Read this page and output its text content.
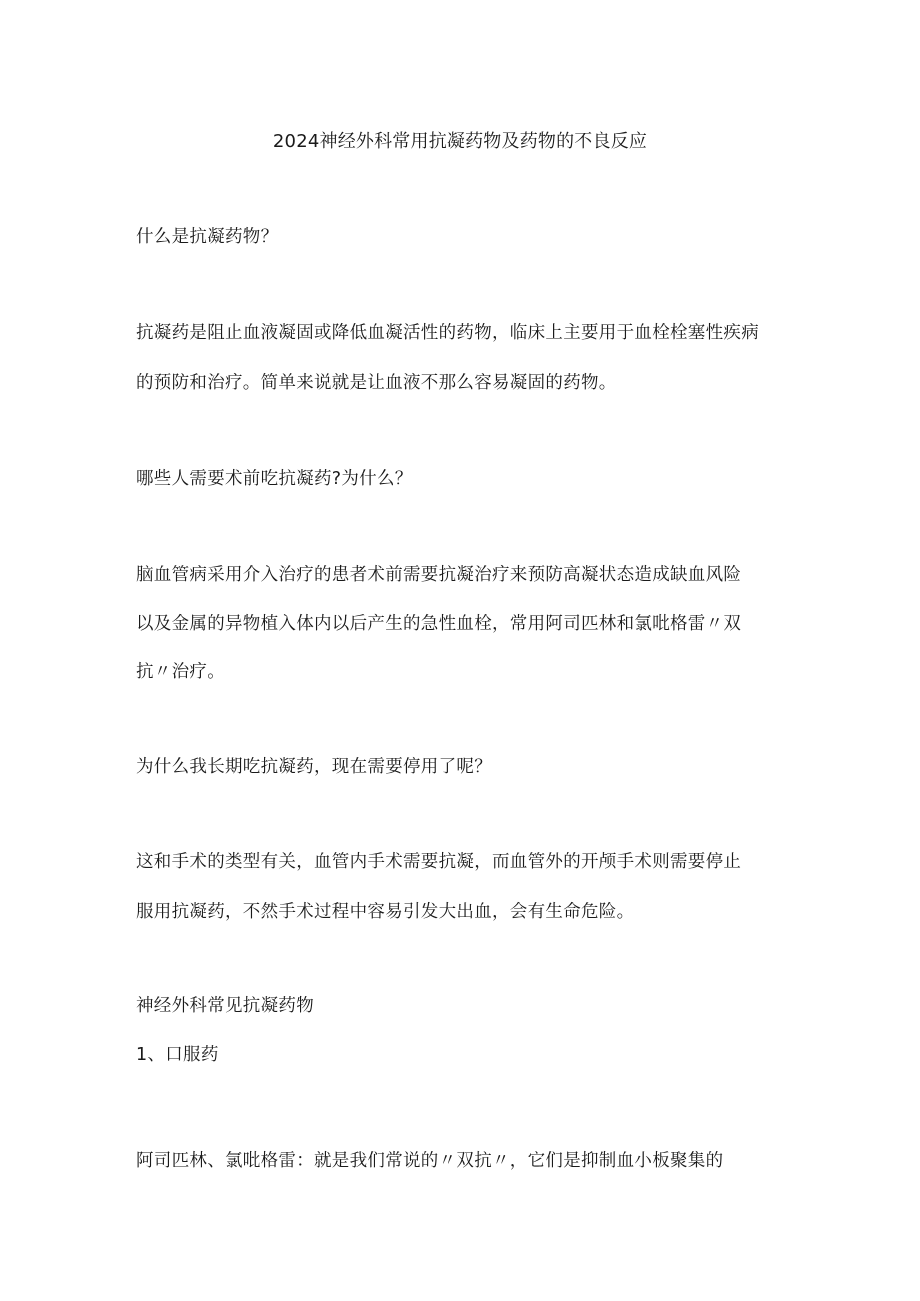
2024神经外科常用抗凝药物及药物的不良反应
什么是抗凝药物？
抗凝药是阻止血液凝固或降低血凝活性的药物，临床上主要用于血栓栓塞性疾病
的预防和治疗。简单来说就是让血液不那么容易凝固的药物。
哪些人需要术前吃抗凝药?为什么？
脑血管病采用介入治疗的患者术前需要抗凝治疗来预防高凝状态造成缺血风险
以及金属的异物植入体内以后产生的急性血栓，常用阿司匹林和氯吡格雷〃双
抗〃治疗。
为什么我长期吃抗凝药，现在需要停用了呢？
这和手术的类型有关，血管内手术需要抗凝，而血管外的开颅手术则需要停止
服用抗凝药，不然手术过程中容易引发大出血，会有生命危险。
神经外科常见抗凝药物
1、口服药
阿司匹林、氯吡格雷：就是我们常说的〃双抗〃，它们是抑制血小板聚集的
